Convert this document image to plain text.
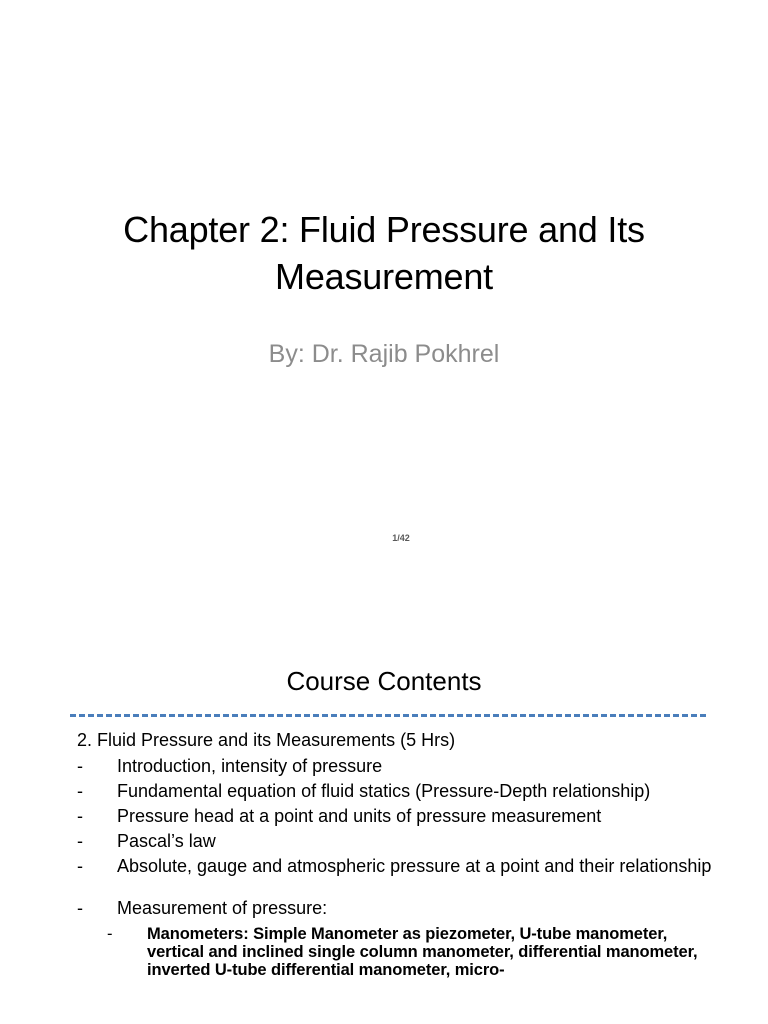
Chapter 2: Fluid Pressure and Its Measurement
By: Dr. Rajib Pokhrel
1/42
Course Contents
2. Fluid Pressure and its Measurements (5 Hrs)
- Introduction, intensity of pressure
- Fundamental equation of fluid statics (Pressure-Depth relationship)
- Pressure head at a point and units of pressure measurement
- Pascal’s law
- Absolute, gauge and atmospheric pressure at a point and their relationship
- Measurement of pressure:
- Manometers: Simple Manometer as piezometer, U-tube manometer, vertical and inclined single column manometer, differential manometer, inverted U-tube differential manometer, micro-
